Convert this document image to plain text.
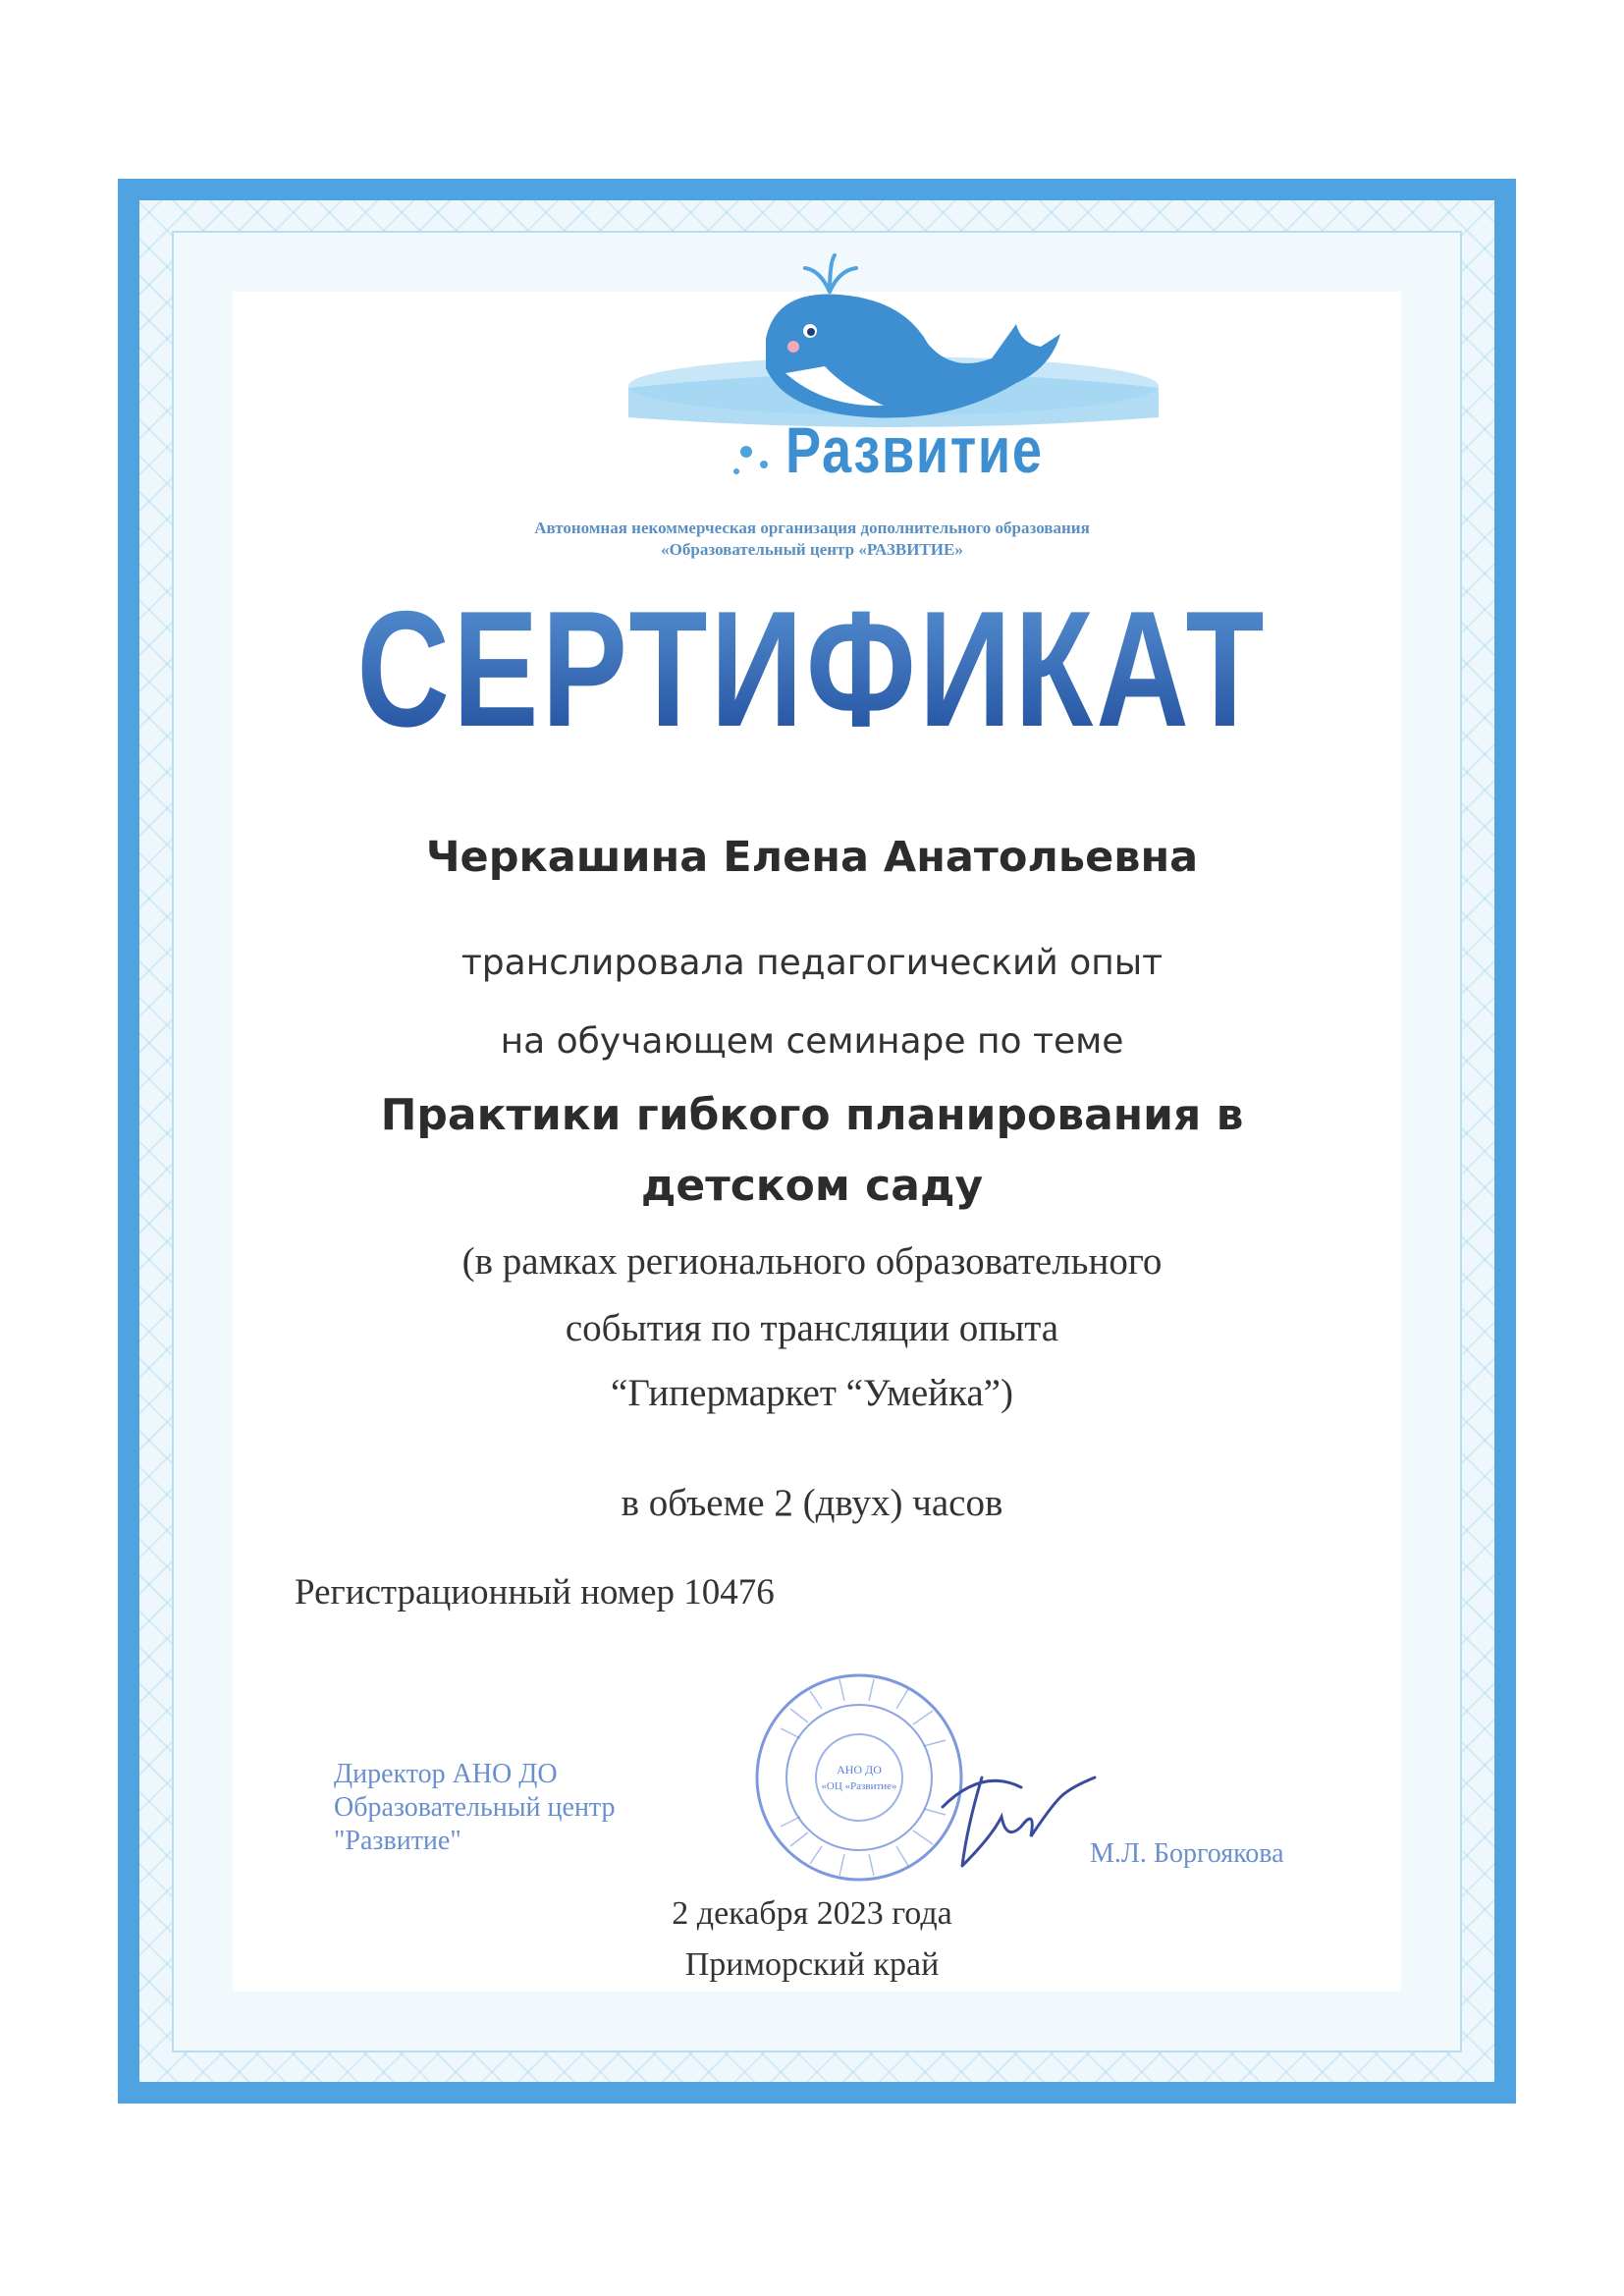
Развитие
Автономная некоммерческая организация дополнительного образования
«Образовательный центр «РАЗВИТИЕ»
СЕРТИФИКАТ
Черкашина Елена Анатольевна
транслировала педагогический опыт
на обучающем семинаре по теме
Практики гибкого планирования в
детском саду
(в рамках регионального образовательного
события по трансляции опыта
“Гипермаркет “Умейка”)
в объеме 2 (двух) часов
Регистрационный номер 10476
Директор АНО ДО
Образовательный центр
"Развитие"
АНО ДО
«ОЦ «Развитие»
М.Л. Боргоякова
2 декабря 2023 года
Приморский край
